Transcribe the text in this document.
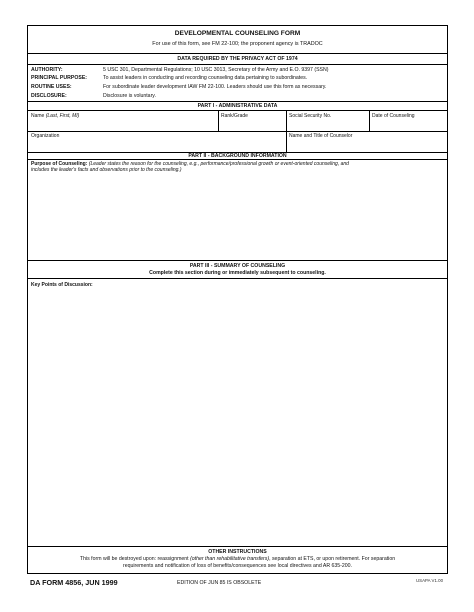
DEVELOPMENTAL COUNSELING FORM
For use of this form, see FM 22-100; the proponent agency is TRADOC
DATA REQUIRED BY THE PRIVACY ACT OF 1974
AUTHORITY:	5 USC 301, Departmental Regulations; 10 USC 3013, Secretary of the Army and E.O. 9397 (SSN)
PRINCIPAL PURPOSE:	To assist leaders in conducting and recording counseling data pertaining to subordinates.
ROUTINE USES:	For subordinate leader development IAW FM 22-100. Leaders should use this form as necessary.
DISCLOSURE:	Disclosure is voluntary.
PART I - ADMINISTRATIVE DATA
Name (Last, First, MI)	Rank/Grade	Social Security No.	Date of Counseling
Organization	Name and Title of Counselor
PART II - BACKGROUND INFORMATION
Purpose of Counseling: (Leader states the reason for the counseling, e.g., performance/professional growth or event-oriented counseling, and
includes the leader's facts and observations prior to the counseling.)
PART III - SUMMARY OF COUNSELING
Complete this section during or immediately subsequent to counseling.
Key Points of Discussion:
OTHER INSTRUCTIONS
This form will be destroyed upon: reassignment (other than rehabilitative transfers), separation at ETS, or upon retirement. For separation
requirements and notification of loss of benefits/consequences see local directives and AR 635-200.
DA FORM 4856, JUN 1999	EDITION OF JUN 85 IS OBSOLETE	USAPA V1.00
